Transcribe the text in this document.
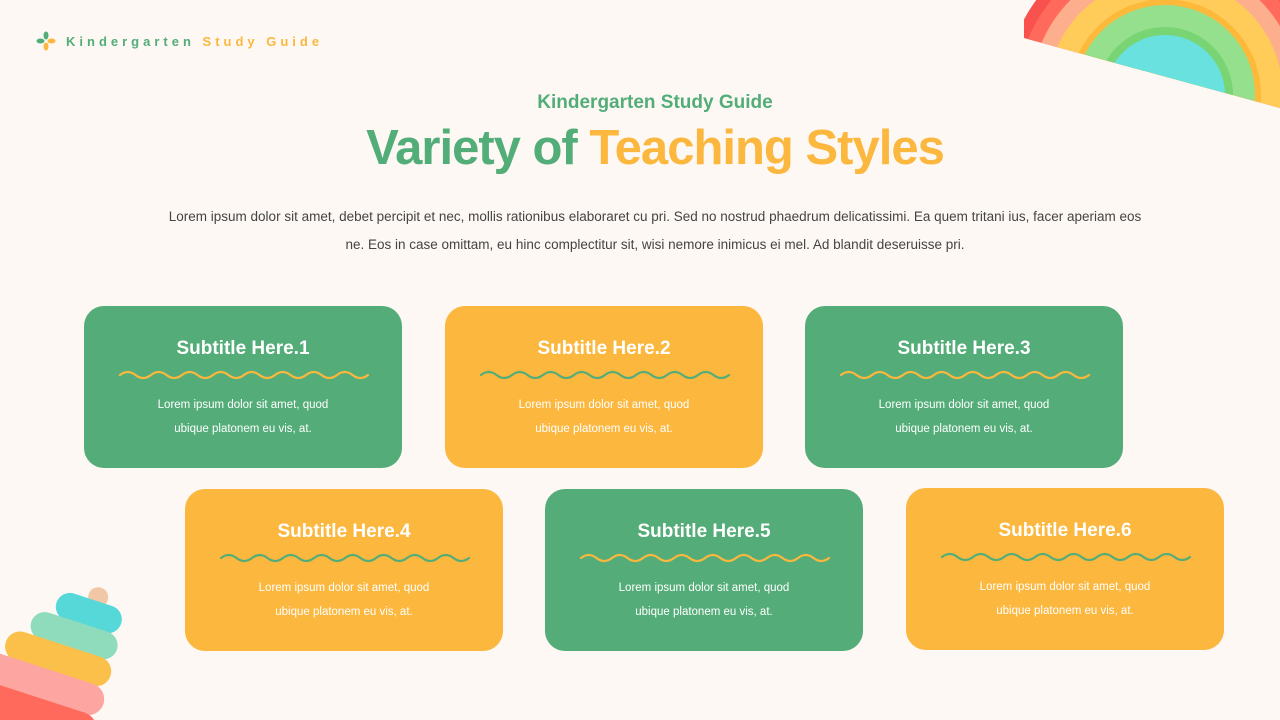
Kindergarten Study Guide
Kindergarten Study Guide
Variety of Teaching Styles
Lorem ipsum dolor sit amet, debet percipit et nec, mollis rationibus elaboraret cu pri. Sed no nostrud phaedrum delicatissimi. Ea quem tritani ius, facer aperiam eos ne. Eos in case omittam, eu hinc complectitur sit, wisi nemore inimicus ei mel. Ad blandit deseruisse pri.
Subtitle Here.1

Lorem ipsum dolor sit amet, quod
ubique platonem eu vis, at.

Subtitle Here.2

Lorem ipsum dolor sit amet, quod
ubique platonem eu vis, at.

Subtitle Here.3

Lorem ipsum dolor sit amet, quod
ubique platonem eu vis, at.

Subtitle Here.4

Lorem ipsum dolor sit amet, quod
ubique platonem eu vis, at.

Subtitle Here.5

Lorem ipsum dolor sit amet, quod
ubique platonem eu vis, at.

Subtitle Here.6

Lorem ipsum dolor sit amet, quod
ubique platonem eu vis, at.
